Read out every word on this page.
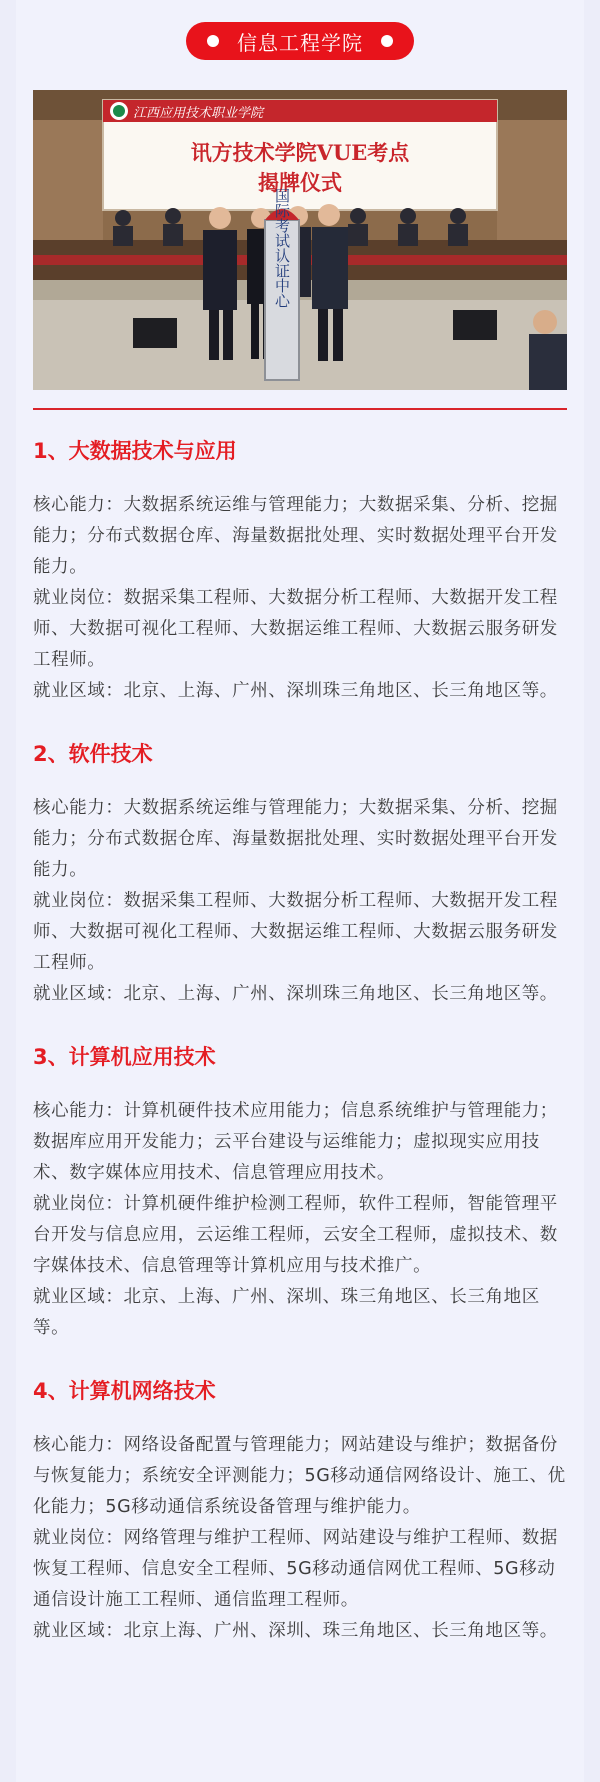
信息工程学院
江西应用技术职业学院
讯方技术学院VUE考点
揭牌仪式
国际考试认证中心
1、大数据技术与应用

核心能力：大数据系统运维与管理能力；大数据采集、分析、挖掘能力；分布式数据仓库、海量数据批处理、实时数据处理平台开发能力。

就业岗位：数据采集工程师、大数据分析工程师、大数据开发工程师、大数据可视化工程师、大数据运维工程师、大数据云服务研发工程师。

就业区域：北京、上海、广州、深圳珠三角地区、长三角地区等。

2、软件技术

核心能力：大数据系统运维与管理能力；大数据采集、分析、挖掘能力；分布式数据仓库、海量数据批处理、实时数据处理平台开发能力。

就业岗位：数据采集工程师、大数据分析工程师、大数据开发工程师、大数据可视化工程师、大数据运维工程师、大数据云服务研发工程师。

就业区域：北京、上海、广州、深圳珠三角地区、长三角地区等。

3、计算机应用技术

核心能力：计算机硬件技术应用能力；信息系统维护与管理能力；数据库应用开发能力；云平台建设与运维能力；虚拟现实应用技术、数字媒体应用技术、信息管理应用技术。

就业岗位：计算机硬件维护检测工程师，软件工程师，智能管理平台开发与信息应用，云运维工程师，云安全工程师，虚拟技术、数字媒体技术、信息管理等计算机应用与技术推广。

就业区域：北京、上海、广州、深圳、珠三角地区、长三角地区等。

4、计算机网络技术

核心能力：网络设备配置与管理能力；网站建设与维护；数据备份与恢复能力；系统安全评测能力；5G移动通信网络设计、施工、优化能力；5G移动通信系统设备管理与维护能力。

就业岗位：网络管理与维护工程师、网站建设与维护工程师、数据恢复工程师、信息安全工程师、5G移动通信网优工程师、5G移动通信设计施工工程师、通信监理工程师。

就业区域：北京上海、广州、深圳、珠三角地区、长三角地区等。
